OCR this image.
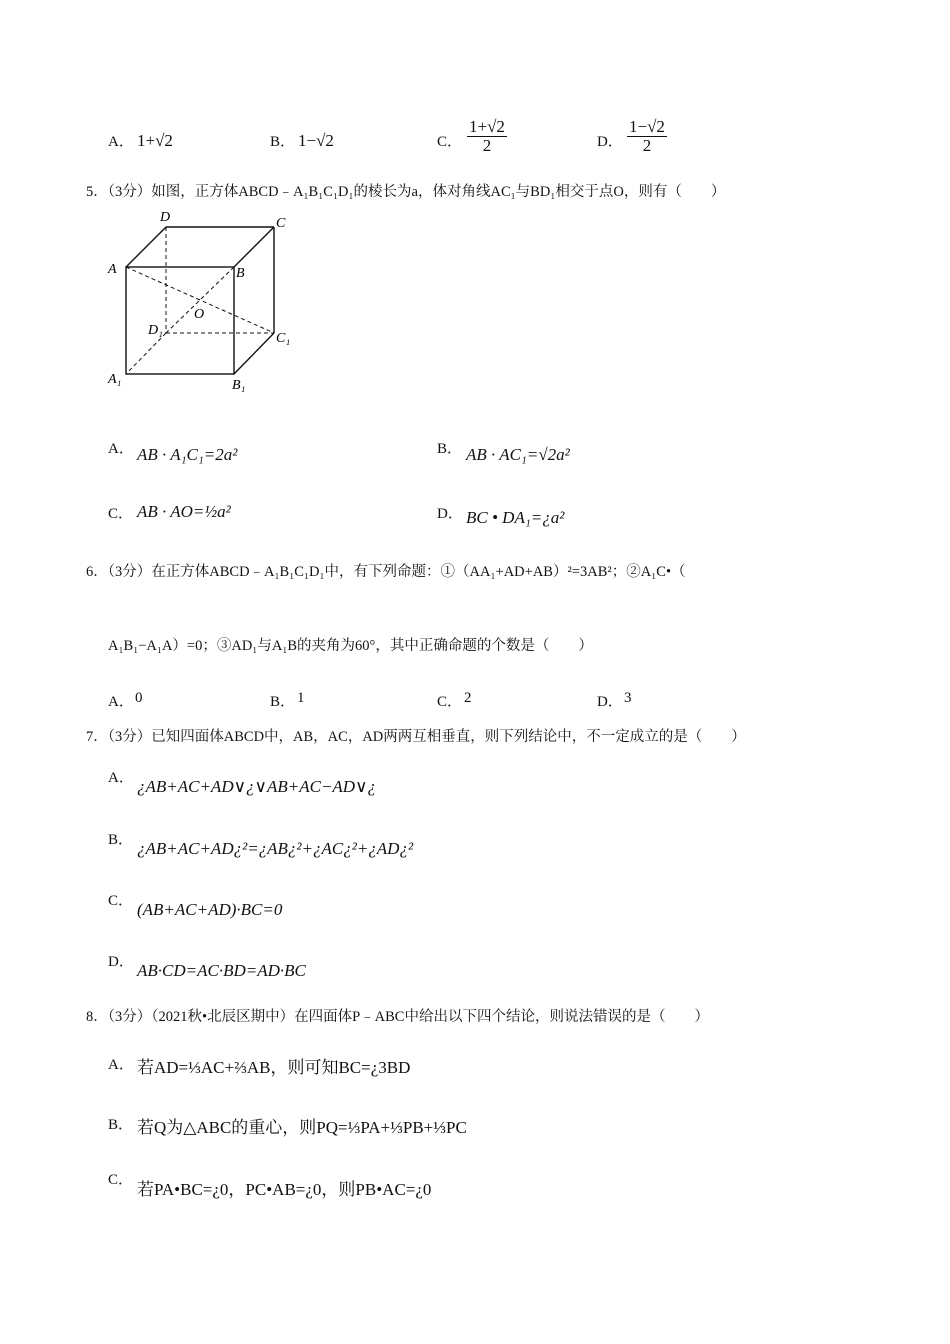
A． 1+√2	B． 1−√2	C． $\frac{1+√2}{2}$	D． $\frac{1-√2}{2}$
5．（3分）如图，正方体ABCD﹣A₁B₁C₁D₁的棱长为a，体对角线AC₁与BD₁相交于点O，则有（　　）
D	C
A	B
O
D₁
C₁
A₁	B₁
A． AB · A₁C₁=2a²	B． AB · AC₁=√2a²
C． AB · AO=½a²	D． BC • DA₁=¿a²
6．（3分）在正方体ABCD﹣A₁B₁C₁D₁中，有下列命题：①（AA₁+AD+AB）²=3AB²；②A₁C•（
A₁B₁−A₁A）=0；③AD₁与A₁B的夹角为60°，其中正确命题的个数是（　　）
A． 0	B． 1	C． 2	D． 3
7．（3分）已知四面体ABCD中，AB，AC，AD两两互相垂直，则下列结论中，不一定成立的是（　　）
A． ¿AB+AC+AD∨¿∨AB+AC−AD∨¿
B． ¿AB+AC+AD¿²=¿AB¿²+¿AC¿²+¿AD¿²
C． (AB+AC+AD)·BC=0
D． AB·CD=AC·BD=AD·BC
8．（3分）（2021秋•北辰区期中）在四面体P﹣ABC中给出以下四个结论，则说法错误的是（　　）
A． 若AD=⅓AC+⅔AB，则可知BC=¿3BD
B． 若Q为△ABC的重心，则PQ=⅓PA+⅓PB+⅓PC
C． 若PA•BC=¿0，PC•AB=¿0，则PB•AC=¿0
